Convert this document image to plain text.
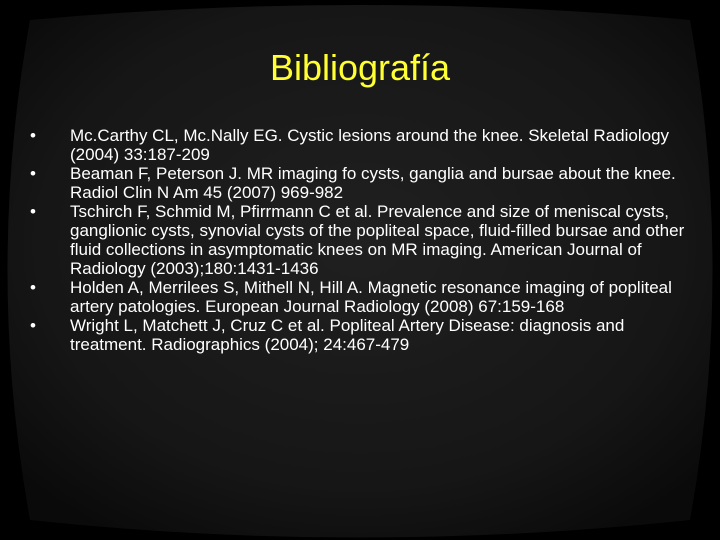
Bibliografía
•	Mc.Carthy CL, Mc.Nally EG. Cystic lesions around the knee. Skeletal Radiology (2004) 33:187-209
•	Beaman F, Peterson J. MR imaging fo cysts, ganglia and bursae about the knee. Radiol Clin N Am 45 (2007) 969-982
•	Tschirch F, Schmid M, Pfirrmann C et al. Prevalence and size of meniscal cysts, ganglionic cysts, synovial cysts of the popliteal space, fluid-filled bursae and other fluid collections in asymptomatic knees on MR imaging. American Journal of Radiology (2003);180:1431-1436
•	Holden A, Merrilees S, Mithell N, Hill A. Magnetic resonance imaging of popliteal artery patologies. European Journal Radiology (2008) 67:159-168
•	Wright L, Matchett J, Cruz C et al. Popliteal Artery Disease: diagnosis and treatment. Radiographics (2004); 24:467-479
